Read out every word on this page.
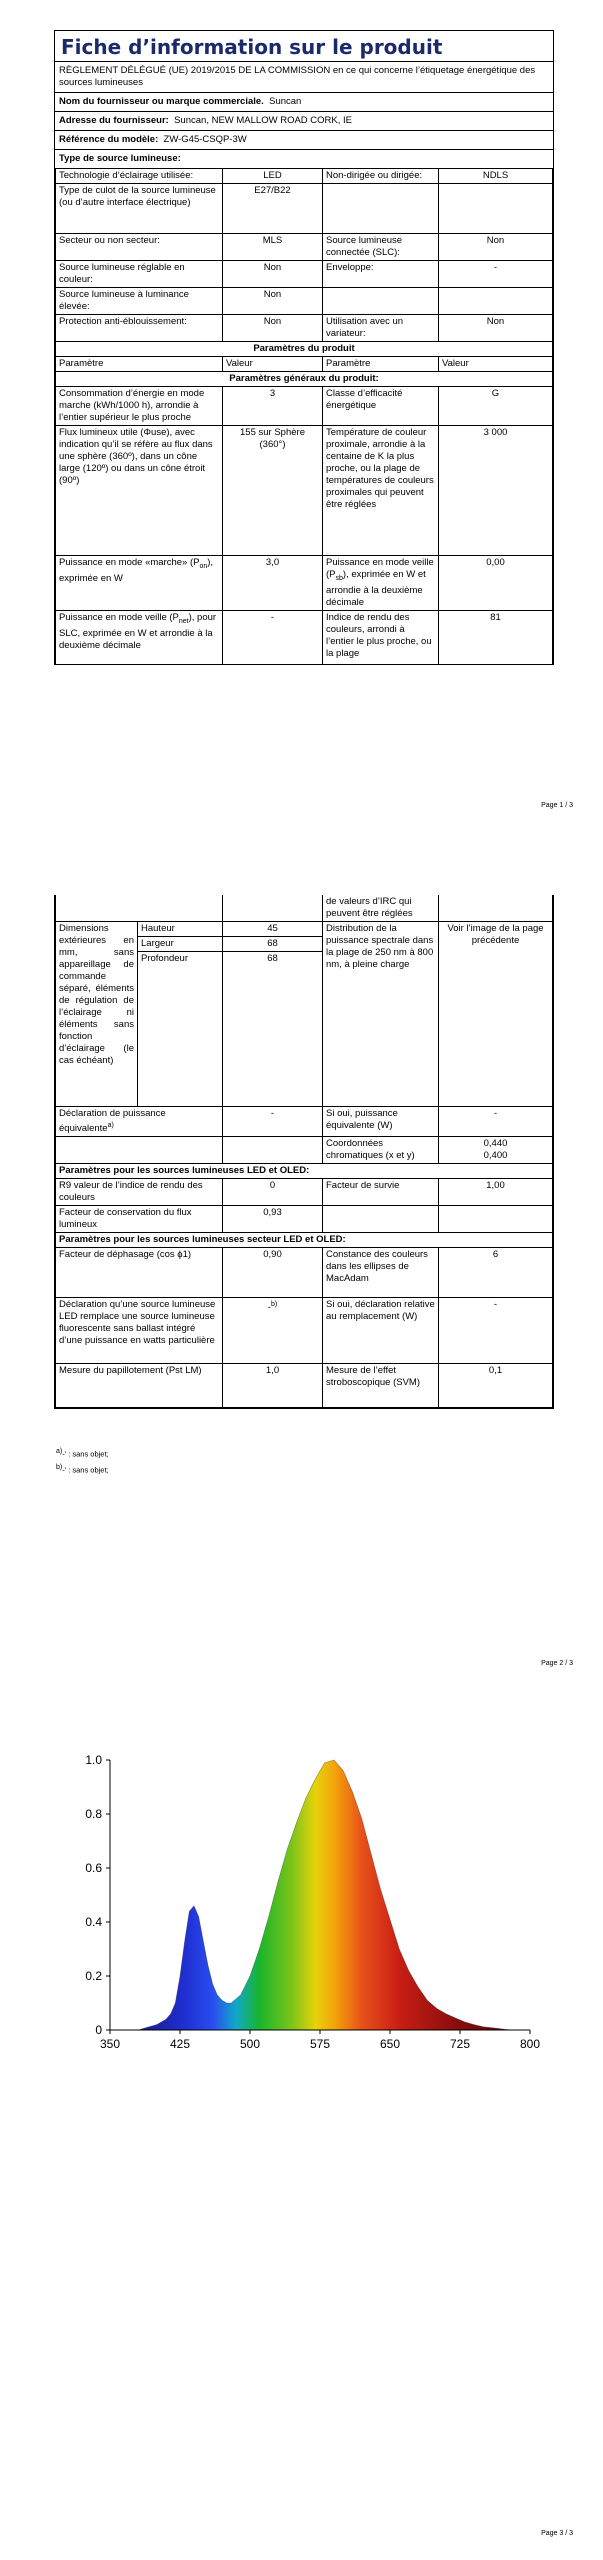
Fiche d’information sur le produit
RÈGLEMENT DÉLÉGUÉ (UE) 2019/2015 DE LA COMMISSION en ce qui concerne l’étiquetage énergétique des sources lumineuses
Nom du fournisseur ou marque commerciale. Suncan
Adresse du fournisseur: Suncan, NEW MALLOW ROAD CORK, IE
Référence du modèle: ZW-G45-CSQP-3W
Type de source lumineuse:
Technologie d’éclairage utilisée:	LED	Non-dirigée ou dirigée:	NDLS
Type de culot de la source lumineuse (ou d’autre interface électrique)	E27/B22		
Secteur ou non secteur:	MLS	Source lumineuse connectée (SLC):	Non
Source lumineuse réglable en couleur:	Non	Enveloppe:	-
Source lumineuse à luminance élevée:	Non		
Protection anti-éblouissement:	Non	Utilisation avec un variateur:	Non
Paramètres du produit			
Paramètre	Valeur	Paramètre	Valeur
Paramètres généraux du produit:			
Consommation d’énergie en mode marche (kWh/1000 h), arrondie à l’entier supérieur le plus proche	3	Classe d’efficacité énergétique	G
Flux lumineux utile (Φuse), avec indication qu’il se réfère au flux dans une sphère (360º), dans un cône large (120º) ou dans un cône étroit (90º)	155 sur Sphère (360°)	Température de couleur proximale, arrondie à la centaine de K la plus proche, ou la plage de températures de couleurs proximales qui peuvent être réglées	3 000
Puissance en mode «marche» $(P_{on})$, exprimée en W	3,0	Puissance en mode veille $(P_{sb})$, exprimée en W et arrondie à la deuxième décimale	0,00
Puissance en mode veille $(P_{net})$, pour SLC, exprimée en W et arrondie à la deuxième décimale	-	Indice de rendu des couleurs, arrondi à l’entier le plus proche, ou la plage	81
Page 1 / 3
			de valeurs d’IRC qui peuvent être réglées	
Dimensions extérieures en mm, sans appareillage de commande séparé, éléments de régulation de l’éclairage ni éléments sans fonction d’éclairage (le cas échéant)	Hauteur	45	Distribution de la puissance spectrale dans la plage de 250 nm à 800 nm, à pleine charge	Voir l’image de la page précédente
	Largeur	68		
	Profondeur	68		

Déclaration de puissance équivalente$^{a)}$		-	Si oui, puissance équivalente (W)	-
			Coordonnées chromatiques (x et y)	0,440
0,400

Paramètres pour les sources lumineuses LED et OLED:				
R9 valeur de l’indice de rendu des couleurs		0	Facteur de survie	1,00
Facteur de conservation du flux lumineux		0,93		
Paramètres pour les sources lumineuses secteur LED et OLED:				
Facteur de déphasage (cos ϕ1)		0,90	Constance des couleurs dans les ellipses de MacAdam	6
Déclaration qu’une source lumineuse LED remplace une source lumineuse fluorescente sans ballast intégré d’une puissance en watts particulière		-$^{b)}$	Si oui, déclaration relative au remplacement (W)	-
Mesure du papillotement (Pst LM)		1,0	Mesure de l’effet stroboscopique (SVM)	0,1
$^{a)}$-’ : sans objet;
$^{b)}$-’ : sans objet;
Page 2 / 3
350	425	500	575	650	725	800
0
0.2
0.4
0.6
0.8
1.0
Page 3 / 3
